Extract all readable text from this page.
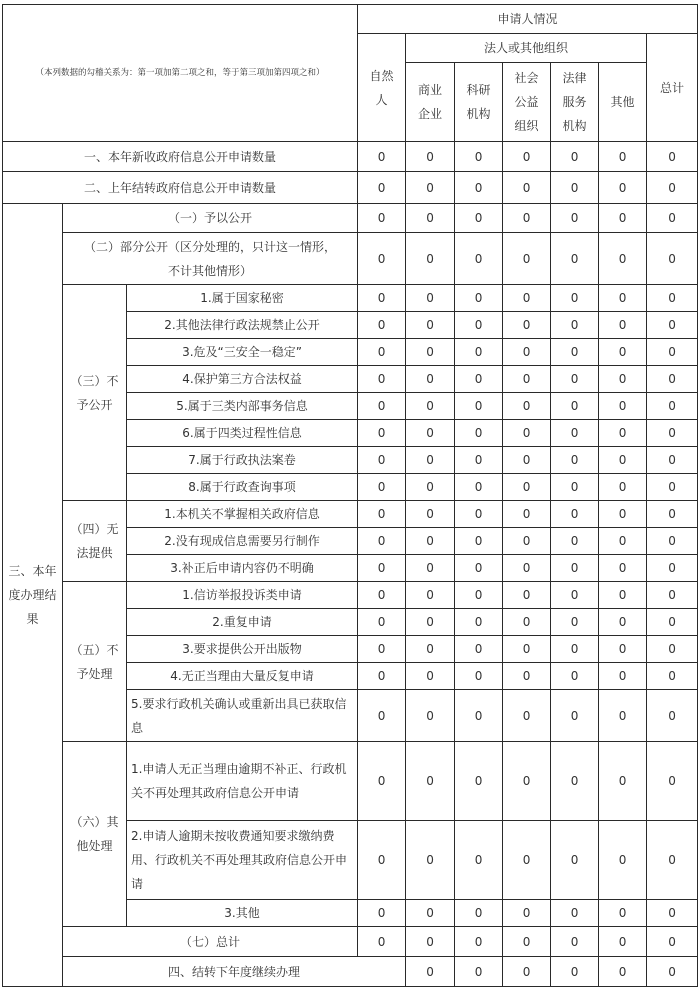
（本列数据的勾稽关系为：第一项加第二项之和，等于第三项加第四项之和）			申请人情况							

			自然人	法人或其他组织					总计	

				商业企业	科研机构	社会公益组织	法律服务机构	其他		
一、本年新收政府信息公开申请数量			0	0	0	0	0	0	0	
二、上年结转政府信息公开申请数量			0	0	0	0	0	0	0	

三、本年度办理结果	（一）予以公开		0	0	0	0	0	0	0	

	（二）部分公开（区分处理的，只计这一情形，不计其他情形）		0	0	0	0	0	0	0	

	（三）不予公开	1.属于国家秘密	0	0	0	0	0	0	0	
		2.其他法律行政法规禁止公开	0	0	0	0	0	0	0	
		3.危及“三安全一稳定”	0	0	0	0	0	0	0	
		4.保护第三方合法权益	0	0	0	0	0	0	0	
		5.属于三类内部事务信息	0	0	0	0	0	0	0	
		6.属于四类过程性信息	0	0	0	0	0	0	0	
		7.属于行政执法案卷	0	0	0	0	0	0	0	
		8.属于行政查询事项	0	0	0	0	0	0	0	

	（四）无法提供	1.本机关不掌握相关政府信息	0	0	0	0	0	0	0	
		2.没有现成信息需要另行制作	0	0	0	0	0	0	0	
		3.补正后申请内容仍不明确	0	0	0	0	0	0	0	

	（五）不予处理	1.信访举报投诉类申请	0	0	0	0	0	0	0	
		2.重复申请	0	0	0	0	0	0	0	
		3.要求提供公开出版物	0	0	0	0	0	0	0	
		4.无正当理由大量反复申请	0	0	0	0	0	0	0	
		5.要求行政机关确认或重新出具已获取信息	0	0	0	0	0	0	0	

	（六）其他处理	1.申请人无正当理由逾期不补正、行政机关不再处理其政府信息公开申请	0	0	0	0	0	0	0	
		2.申请人逾期未按收费通知要求缴纳费用、行政机关不再处理其政府信息公开申请	0	0	0	0	0	0	0	
		3.其他	0	0	0	0	0	0	0	
	（七）总计		0	0	0	0	0	0	0	
	四、结转下年度继续办理			0	0	0	0	0	0	
